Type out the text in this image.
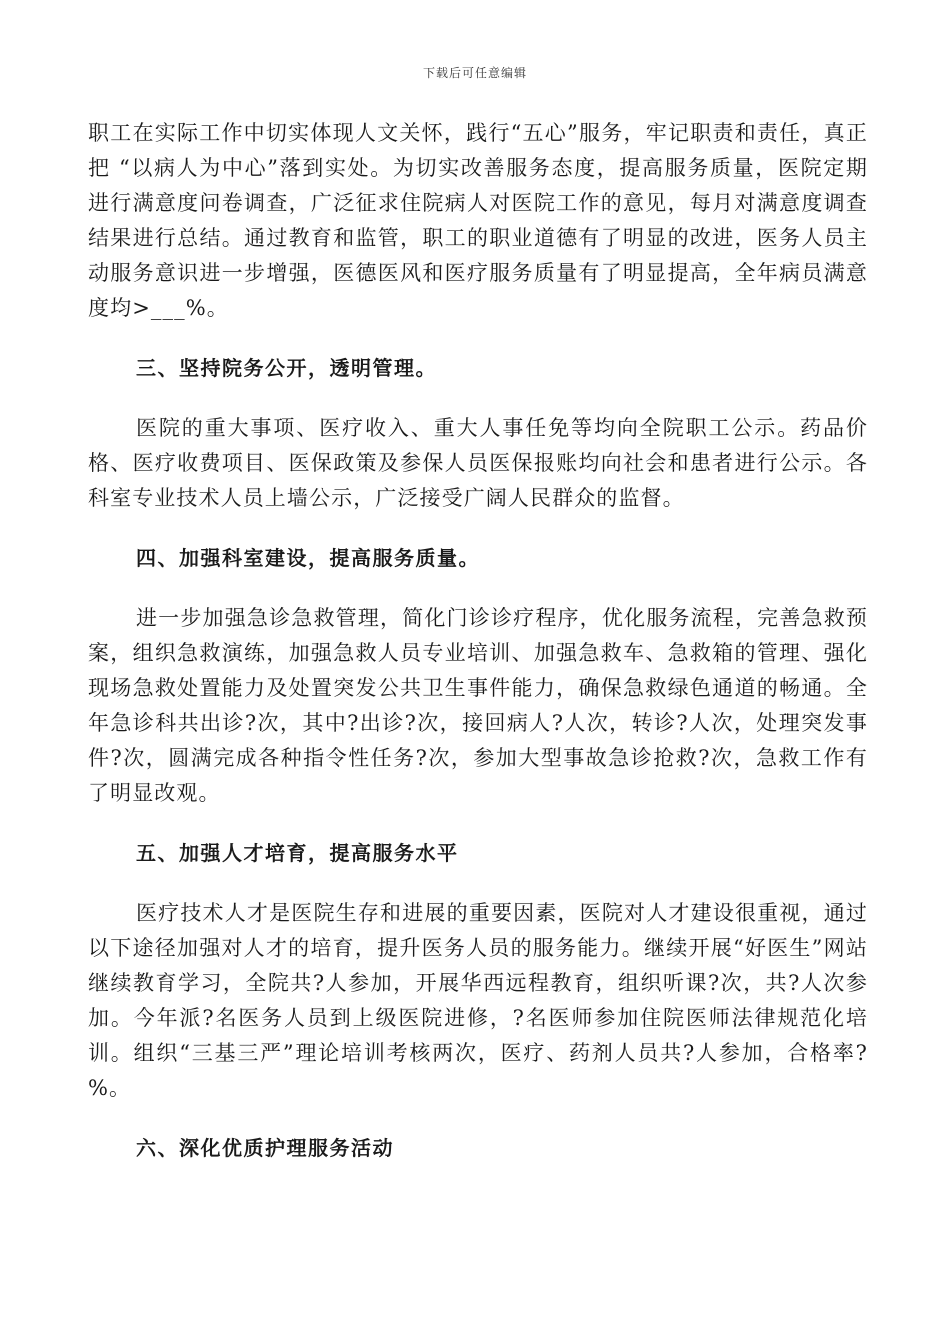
下载后可任意编辑

职工在实际工作中切实体现人文关怀，践行“五心”服务，牢记职责和责任，真正把 “以病人为中心”落到实处。为切实改善服务态度，提高服务质量，医院定期进行满意度问卷调查，广泛征求住院病人对医院工作的意见，每月对满意度调查结果进行总结。通过教育和监管，职工的职业道德有了明显的改进，医务人员主动服务意识进一步增强，医德医风和医疗服务质量有了明显提高，全年病员满意度均>___%。

三、坚持院务公开，透明管理。

医院的重大事项、医疗收入、重大人事任免等均向全院职工公示。药品价格、医疗收费项目、医保政策及参保人员医保报账均向社会和患者进行公示。各科室专业技术人员上墙公示，广泛接受广阔人民群众的监督。

四、加强科室建设，提高服务质量。

进一步加强急诊急救管理，简化门诊诊疗程序，优化服务流程，完善急救预案，组织急救演练，加强急救人员专业培训、加强急救车、急救箱的管理、强化现场急救处置能力及处置突发公共卫生事件能力，确保急救绿色通道的畅通。全年急诊科共出诊?次，其中?出诊?次，接回病人?人次，转诊?人次，处理突发事件?次，圆满完成各种指令性任务?次，参加大型事故急诊抢救?次，急救工作有了明显改观。

五、加强人才培育，提高服务水平

医疗技术人才是医院生存和进展的重要因素，医院对人才建设很重视，通过以下途径加强对人才的培育，提升医务人员的服务能力。继续开展“好医生”网站继续教育学习，全院共?人参加，开展华西远程教育，组织听课?次，共?人次参加。今年派?名医务人员到上级医院进修，?名医师参加住院医师法律规范化培训。组织“三基三严”理论培训考核两次，医疗、药剂人员共?人参加，合格率?%。

六、深化优质护理服务活动
